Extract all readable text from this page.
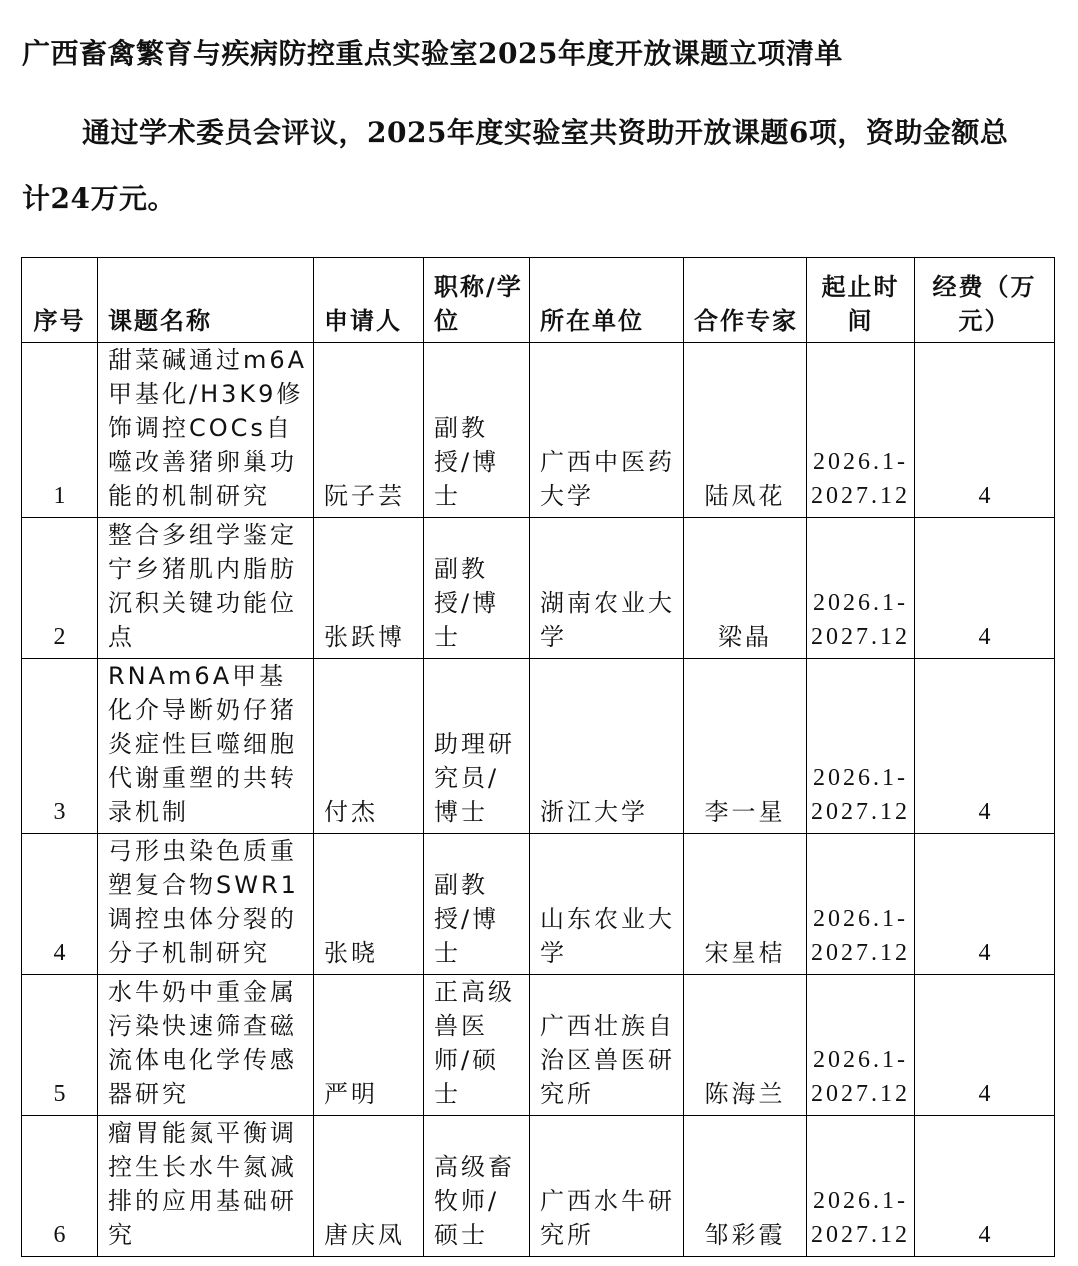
广西畜禽繁育与疾病防控重点实验室2025年度开放课题立项清单

通过学术委员会评议，2025年度实验室共资助开放课题6项，资助金额总计24万元。

序号	课题名称	申请人	职称/学位	所在单位	合作专家	起止时间	经费（万元）
1	甜菜碱通过m6A甲基化/H3K9修饰调控COCs自噬改善猪卵巢功能的机制研究	阮子芸	副教授/博士	广西中医药大学	陆凤花	2026.1-2027.12	4
2	整合多组学鉴定宁乡猪肌内脂肪沉积关键功能位点	张跃博	副教授/博士	湖南农业大学	梁晶	2026.1-2027.12	4
3	RNAm6A甲基化介导断奶仔猪炎症性巨噬细胞代谢重塑的共转录机制	付杰	助理研究员/博士	浙江大学	李一星	2026.1-2027.12	4
4	弓形虫染色质重塑复合物SWR1调控虫体分裂的分子机制研究	张晓	副教授/博士	山东农业大学	宋星桔	2026.1-2027.12	4
5	水牛奶中重金属污染快速筛查磁流体电化学传感器研究	严明	正高级兽医师/硕士	广西壮族自治区兽医研究所	陈海兰	2026.1-2027.12	4
6	瘤胃能氮平衡调控生长水牛氮减排的应用基础研究	唐庆凤	高级畜牧师/硕士	广西水牛研究所	邹彩霞	2026.1-2027.12	4
